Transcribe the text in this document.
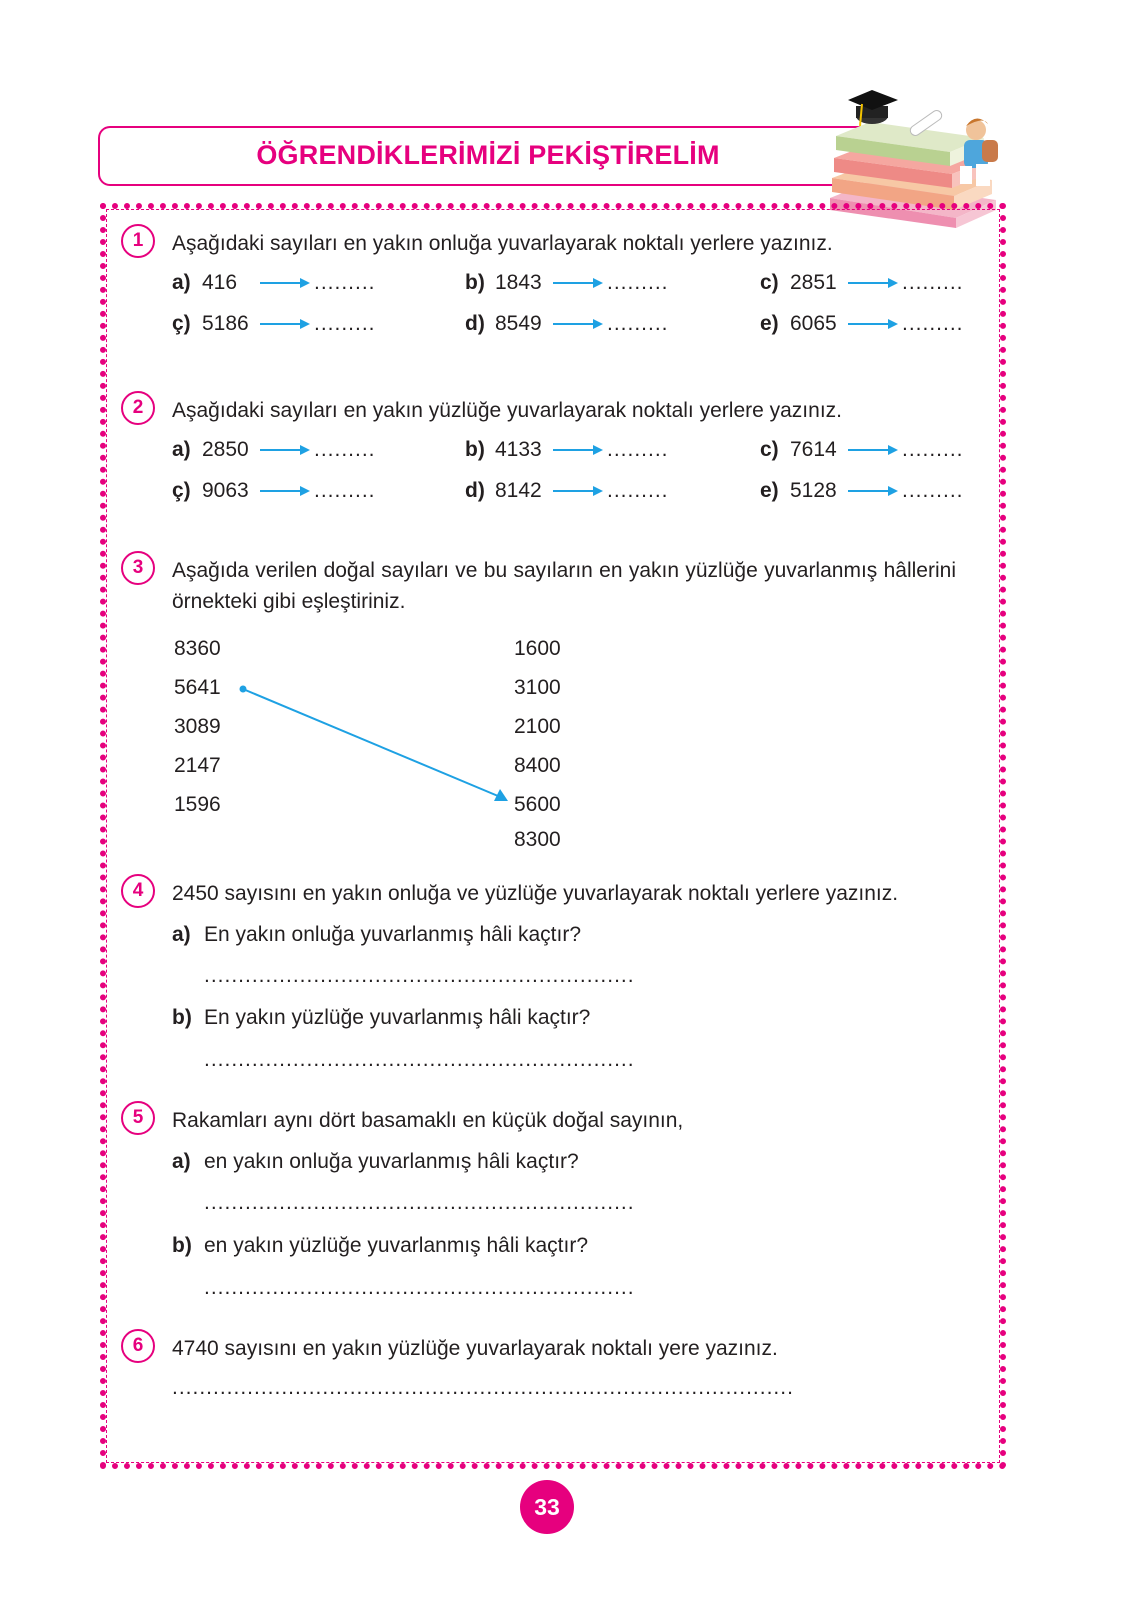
ÖĞRENDİKLERİMİZİ PEKİŞTİRELİM
1	Aşağıdaki sayıları en yakın onluğa yuvarlayarak noktalı yerlere yazınız.
a) 416	.........	b) 1843	.........	c) 2851	.........
ç) 5186	.........	d) 8549	.........	e) 6065	.........
2	Aşağıdaki sayıları en yakın yüzlüğe yuvarlayarak noktalı yerlere yazınız.
a) 2850	.........	b) 4133	.........	c) 7614	.........
ç) 9063	.........	d) 8142	.........	e) 5128	.........
3	Aşağıda verilen doğal sayıları ve bu sayıların en yakın yüzlüğe yuvarlanmış hâllerini örnekteki gibi eşleştiriniz.
8360
5641
3089
2147
1596
1600
3100
2100
8400
5600
8300
4	2450 sayısını en yakın onluğa ve yüzlüğe yuvarlayarak noktalı yerlere yazınız.
a) En yakın onluğa yuvarlanmış hâli kaçtır?
...............................................................
b) En yakın yüzlüğe yuvarlanmış hâli kaçtır?
...............................................................
5	Rakamları aynı dört basamaklı en küçük doğal sayının,
a) en yakın onluğa yuvarlanmış hâli kaçtır?
...............................................................
b) en yakın yüzlüğe yuvarlanmış hâli kaçtır?
...............................................................
6	4740 sayısını en yakın yüzlüğe yuvarlayarak noktalı yere yazınız.
...........................................................................................
33
